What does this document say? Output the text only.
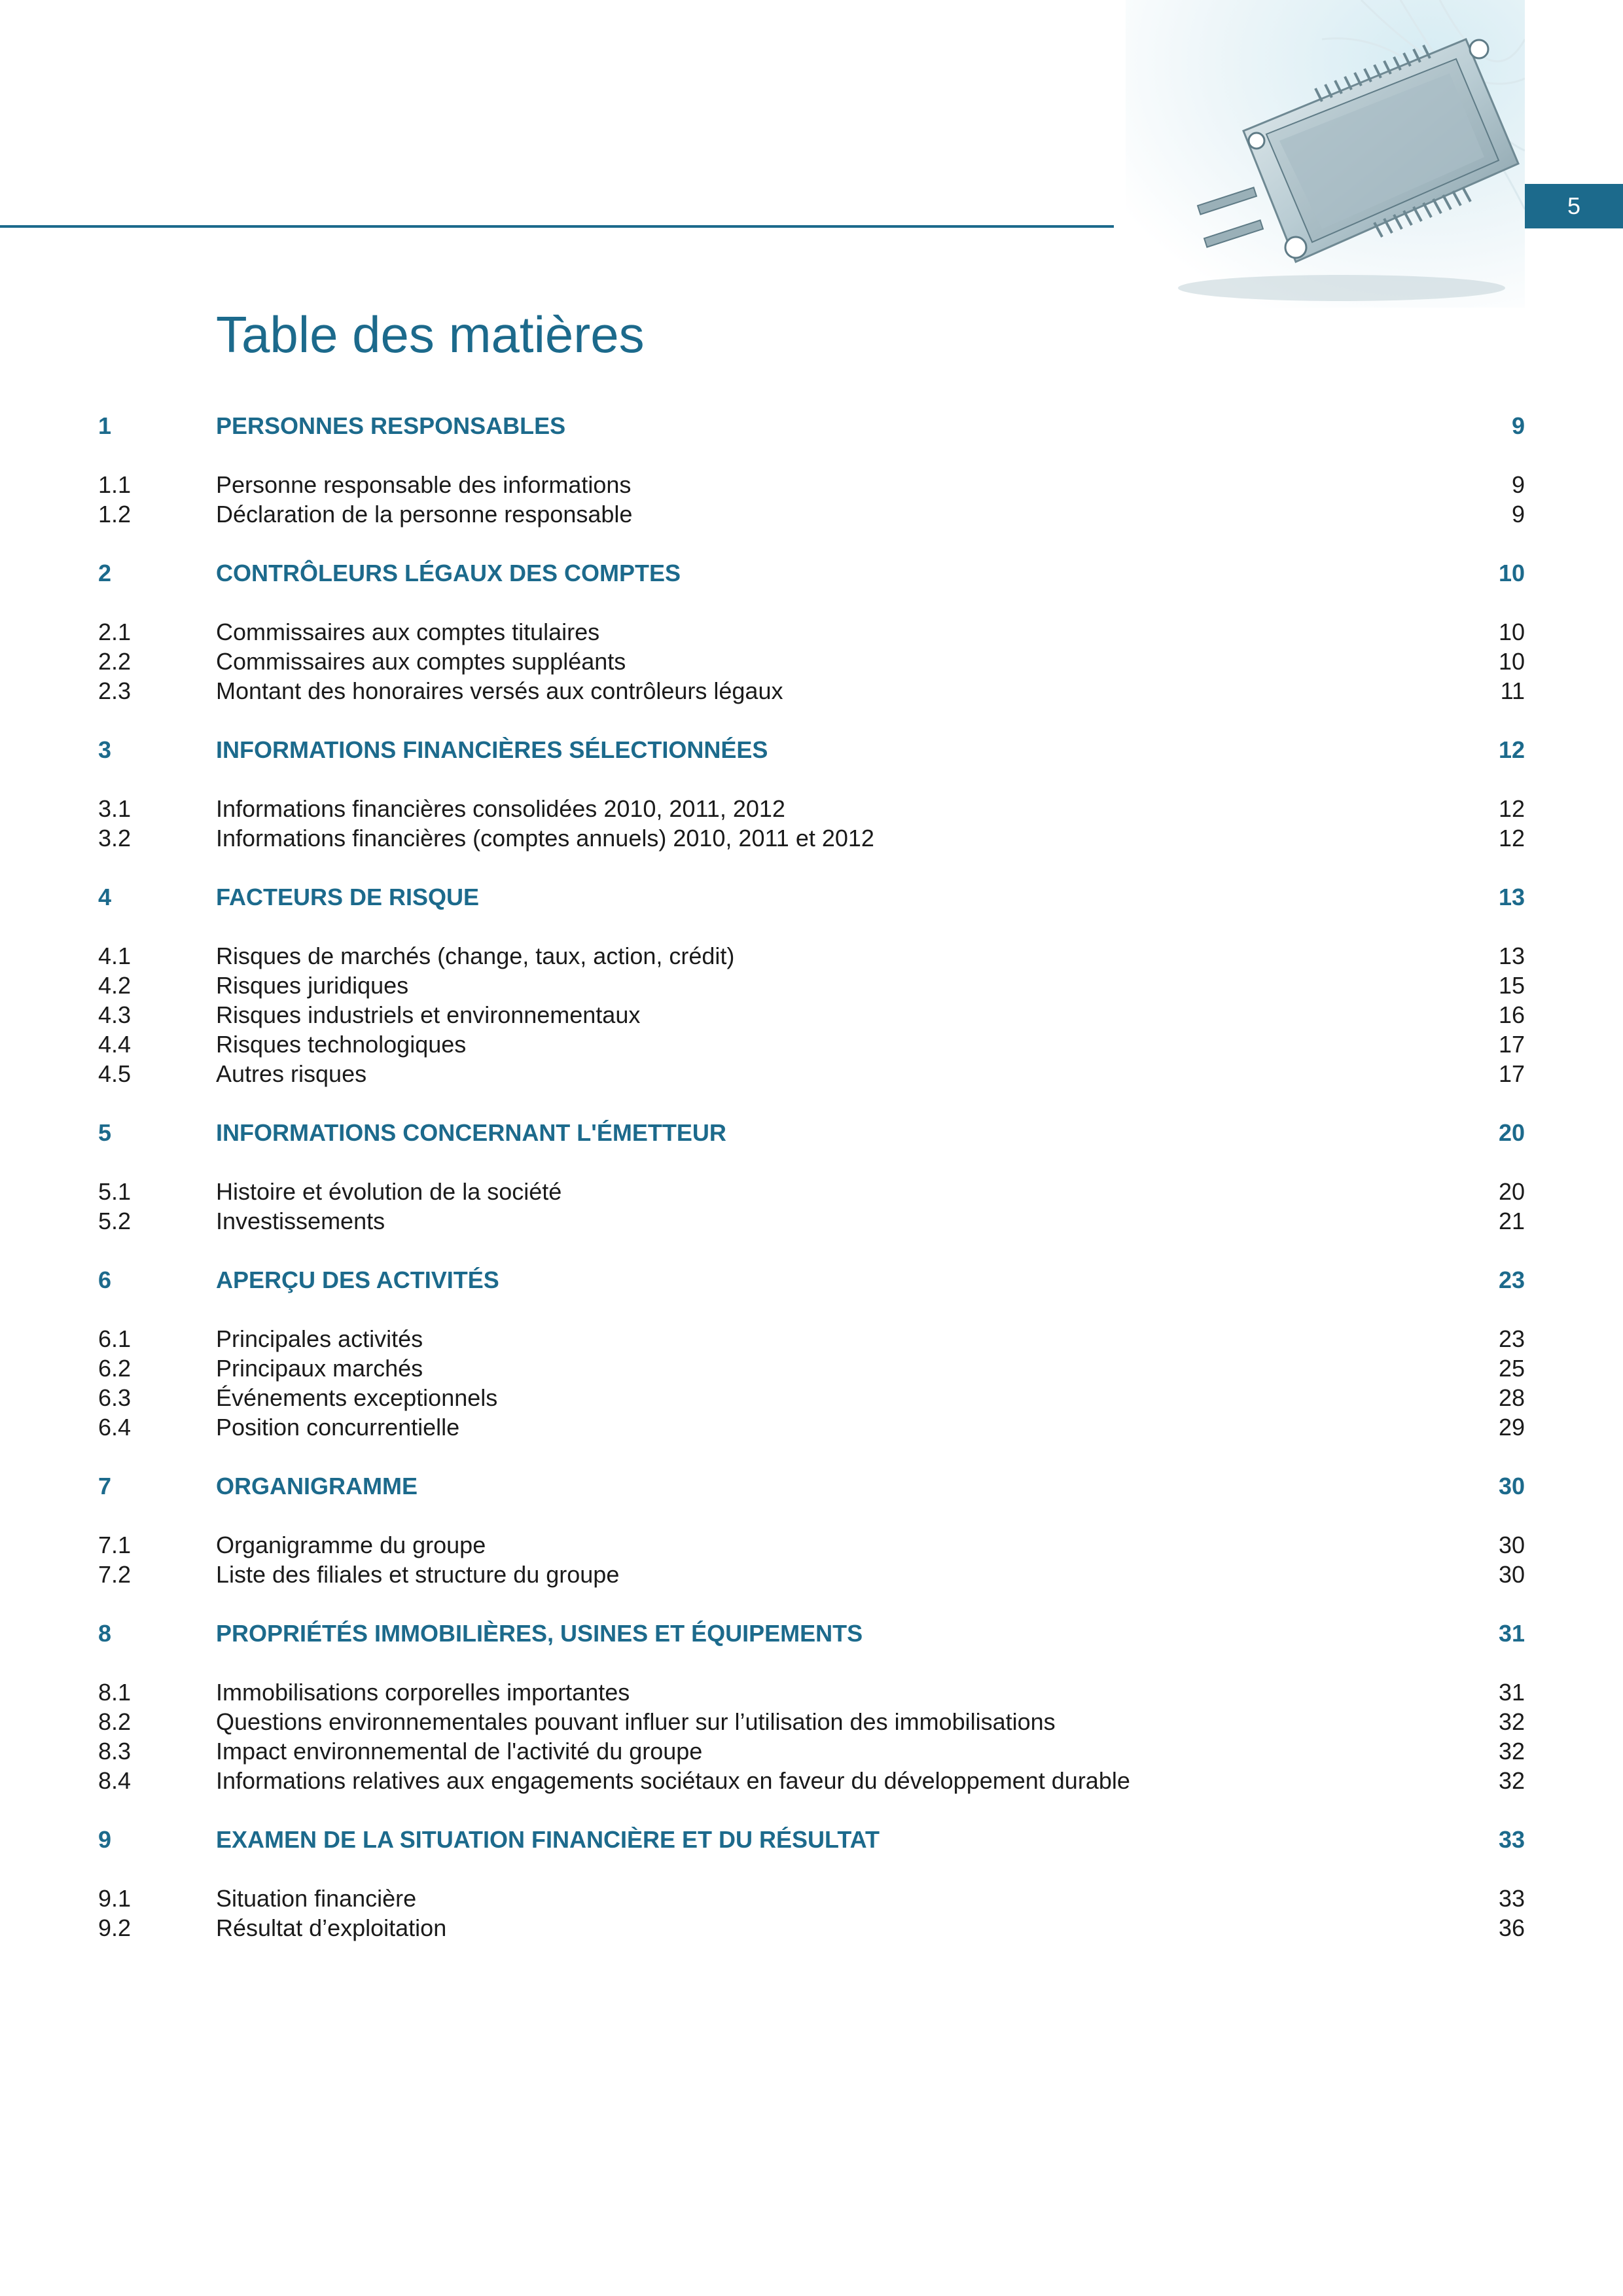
5
Table des matières
1	PERSONNES RESPONSABLES	9
1.1	Personne responsable des informations	9
1.2	Déclaration de la personne responsable	9
2	CONTRÔLEURS LÉGAUX DES COMPTES	10
2.1	Commissaires aux comptes titulaires	10
2.2	Commissaires aux comptes suppléants	10
2.3	Montant des honoraires versés aux contrôleurs légaux	11
3	INFORMATIONS FINANCIÈRES SÉLECTIONNÉES	12
3.1	Informations financières consolidées 2010, 2011, 2012	12
3.2	Informations financières (comptes annuels) 2010, 2011 et 2012	12
4	FACTEURS DE RISQUE	13
4.1	Risques de marchés (change, taux, action, crédit)	13
4.2	Risques juridiques	15
4.3	Risques industriels et environnementaux	16
4.4	Risques technologiques	17
4.5	Autres risques	17
5	INFORMATIONS CONCERNANT L'ÉMETTEUR	20
5.1	Histoire et évolution de la société	20
5.2	Investissements	21
6	APERÇU DES ACTIVITÉS	23
6.1	Principales activités	23
6.2	Principaux marchés	25
6.3	Événements exceptionnels	28
6.4	Position concurrentielle	29
7	ORGANIGRAMME	30
7.1	Organigramme du groupe	30
7.2	Liste des filiales et structure du groupe	30
8	PROPRIÉTÉS IMMOBILIÈRES, USINES ET ÉQUIPEMENTS	31
8.1	Immobilisations corporelles importantes	31
8.2	Questions environnementales pouvant influer sur l’utilisation des immobilisations	32
8.3	Impact environnemental de l'activité du groupe	32
8.4	Informations relatives aux engagements sociétaux en faveur du développement durable	32
9	EXAMEN DE LA SITUATION FINANCIÈRE ET DU RÉSULTAT	33
9.1	Situation financière	33
9.2	Résultat d’exploitation	36
